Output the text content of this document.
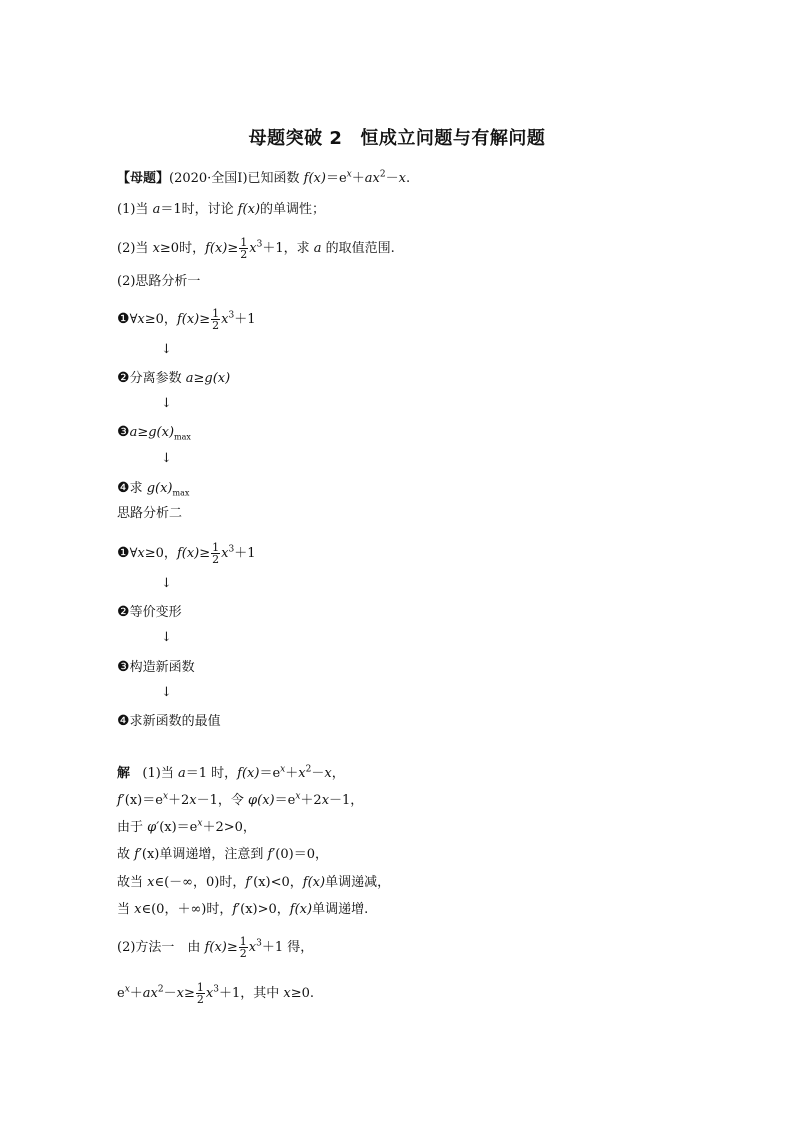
母题突破 2 恒成立问题与有解问题
【母题】(2020·全国Ⅰ)已知函数 $f(x)=e^x+ax^2-x$.
(1)当 a＝1时，讨论 f(x)的单调性；
(2)当 x≥0时，$f(x)\ge \frac{1}{2} x^3+1$，求 a 的取值范围.
(2)思路分析一
❶∀x≥0，$f(x)\ge \frac{1}{2} x^3+1$
↓
❷分离参数 a≥g(x)
↓
$❸a\ge g(x)_{max}$
↓
❹求 $g(x)_{max}$
思路分析二
❶∀x≥0，$f(x)\ge \frac{1}{2} x^3+1$
↓
❷等价变形
↓
❸构造新函数
↓
❹求新函数的最值
解 (1)当 a＝1 时，$f(x)=e^x+x^2-x$，
$f'(x)=e^x+2x-1$，令 $\varphi(x)=e^x+2x-1$，
由于 $\varphi'(x)=e^x+2>0$，
故 f′(x)单调递增，注意到 f′(0)＝0，
故当 x∈(－∞，0)时，f′(x)<0，f(x)单调递减，
当 x∈(0，＋∞)时，f′(x)>0，f(x)单调递增.
(2)方法一　由 $f(x)\ge \frac{1}{2} x^3+1$ 得，
$e^x+ax^2-x\ge \frac{1}{2} x^3+1$，其中 x≥0.
